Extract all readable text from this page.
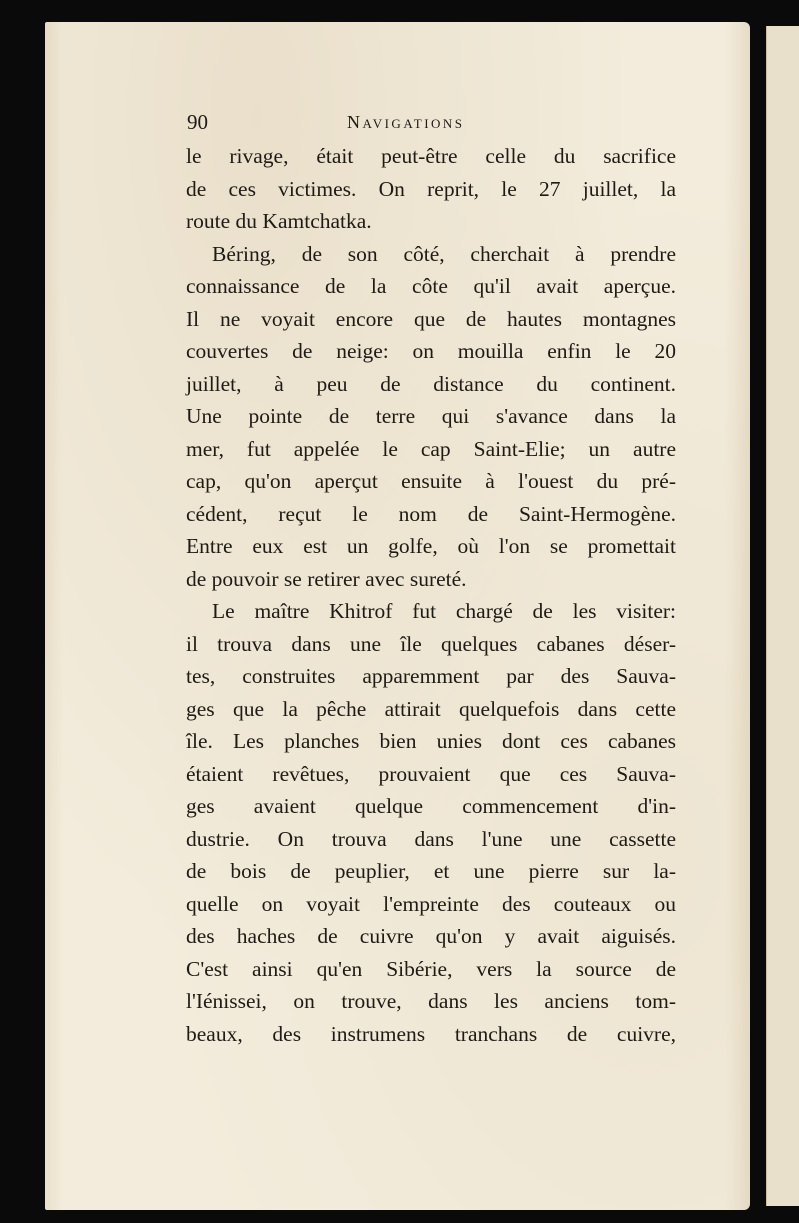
90	Navigations
le rivage, était peut-être celle du sacrifice
de ces victimes. On reprit, le 27 juillet, la
route du Kamtchatka.
Béring, de son côté, cherchait à prendre
connaissance de la côte qu'il avait aperçue.
Il ne voyait encore que de hautes montagnes
couvertes de neige: on mouilla enfin le 20
juillet, à peu de distance du continent.
Une pointe de terre qui s'avance dans la
mer, fut appelée le cap Saint-Elie; un autre
cap, qu'on aperçut ensuite à l'ouest du pré-
cédent, reçut le nom de Saint-Hermogène.
Entre eux est un golfe, où l'on se promettait
de pouvoir se retirer avec sureté.
Le maître Khitrof fut chargé de les visiter:
il trouva dans une île quelques cabanes déser-
tes, construites apparemment par des Sauva-
ges que la pêche attirait quelquefois dans cette
île. Les planches bien unies dont ces cabanes
étaient revêtues, prouvaient que ces Sauva-
ges avaient quelque commencement d'in-
dustrie. On trouva dans l'une une cassette
de bois de peuplier, et une pierre sur la-
quelle on voyait l'empreinte des couteaux ou
des haches de cuivre qu'on y avait aiguisés.
C'est ainsi qu'en Sibérie, vers la source de
l'Iénissei, on trouve, dans les anciens tom-
beaux, des instrumens tranchans de cuivre,
